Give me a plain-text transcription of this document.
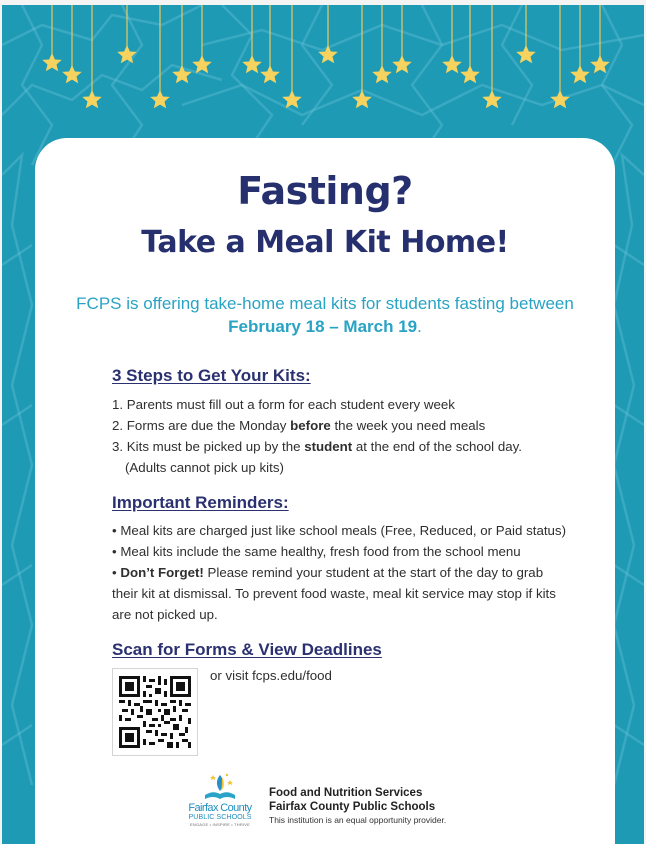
Fasting?
Take a Meal Kit Home!
FCPS is offering take-home meal kits for students fasting between February 18 – March 19.
3 Steps to Get Your Kits:
1. Parents must fill out a form for each student every week
2. Forms are due the Monday before the week you need meals
3. Kits must be picked up by the student at the end of the school day.
(Adults cannot pick up kits)
Important Reminders:
• Meal kits are charged just like school meals (Free, Reduced, or Paid status)
• Meal kits include the same healthy, fresh food from the school menu
• Don’t Forget! Please remind your student at the start of the day to grab
their kit at dismissal. To prevent food waste, meal kit service may stop if kits
are not picked up.
Scan for Forms & View Deadlines
or visit fcps.edu/food
Fairfax County
PUBLIC SCHOOLS
ENGAGE • INSPIRE • THRIVE
Food and Nutrition Services
Fairfax County Public Schools
This institution is an equal opportunity provider.
